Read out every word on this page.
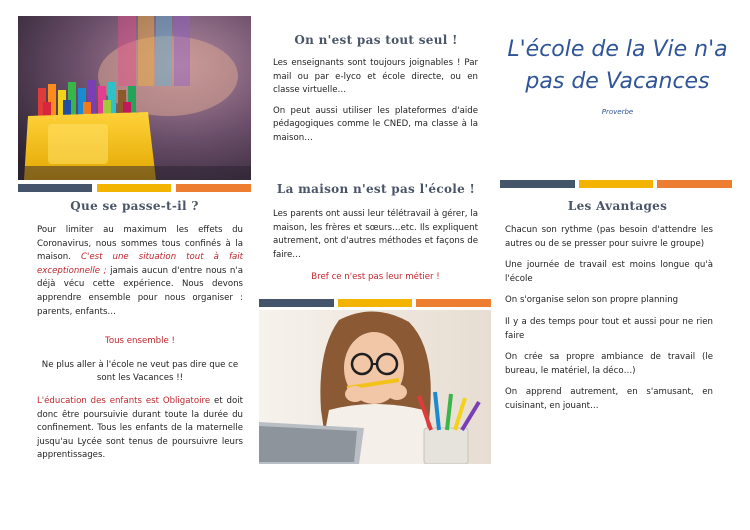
Que se passe-t-il ?

Pour limiter au maximum les effets du Coronavirus, nous sommes tous confinés à la maison. C'est une situation tout à fait exceptionnelle ; jamais aucun d'entre nous n'a déjà vécu cette expérience. Nous devons apprendre ensemble pour nous organiser : parents, enfants…

Tous ensemble !

Ne plus aller à l'école ne veut pas dire que ce sont les Vacances !!

L'éducation des enfants est Obligatoire et doit donc être poursuivie durant toute la durée du confinement. Tous les enfants de la maternelle jusqu'au Lycée sont tenus de poursuivre leurs apprentissages.

On n'est pas tout seul !

Les enseignants sont toujours joignables ! Par mail ou par e-lyco et école directe, ou en classe virtuelle…

On peut aussi utiliser les plateformes d'aide pédagogiques comme le CNED, ma classe à la maison…

La maison n'est pas l'école !

Les parents ont aussi leur télétravail à gérer, la maison, les frères et sœurs…etc. Ils expliquent autrement, ont d'autres méthodes et façons de faire…

Bref ce n'est pas leur métier !

L'école de la Vie n'a pas de Vacances

Proverbe

Les Avantages

Chacun son rythme (pas besoin d'attendre les autres ou de se presser pour suivre le groupe)

Une journée de travail est moins longue qu'à l'école

On s'organise selon son propre planning

Il y a des temps pour tout et aussi pour ne rien faire

On crée sa propre ambiance de travail (le bureau, le matériel, la déco…)

On apprend autrement, en s'amusant, en cuisinant, en jouant…
